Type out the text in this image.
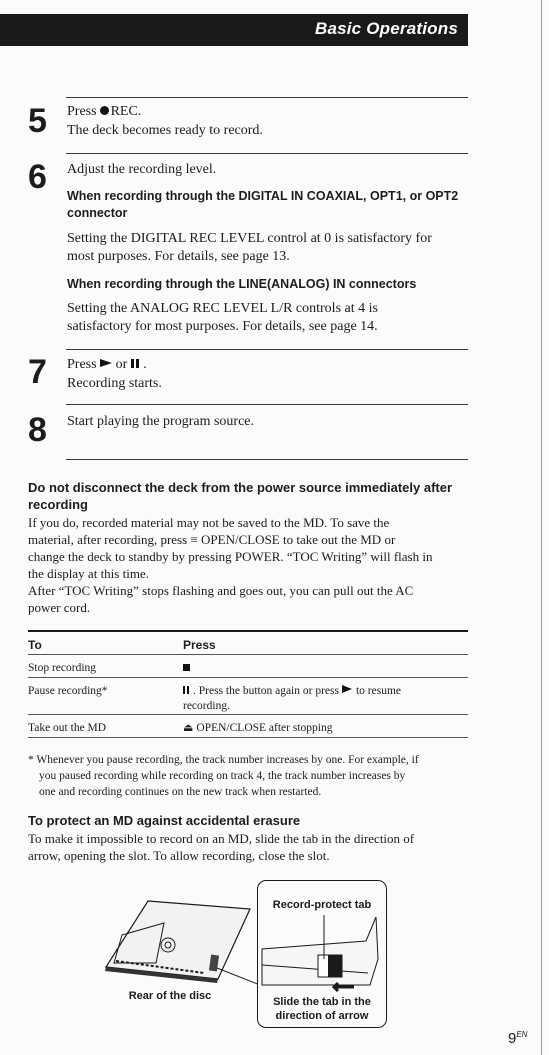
Basic Operations
5	Press REC.
The deck becomes ready to record.
6	Adjust the recording level.
When recording through the DIGITAL IN COAXIAL, OPT1, or OPT2
connector
Setting the DIGITAL REC LEVEL control at 0 is satisfactory for
most purposes. For details, see page 13.
When recording through the LINE(ANALOG) IN connectors
Setting the ANALOG REC LEVEL L/R controls at 4 is
satisfactory for most purposes. For details, see page 14.
7	Press or .
Recording starts.
8	Start playing the program source.
Do not disconnect the deck from the power source immediately after
recording
If you do, recorded material may not be saved to the MD. To save the
material, after recording, press ≡ OPEN/CLOSE to take out the MD or
change the deck to standby by pressing POWER. “TOC Writing” will flash in
the display at this time.
After “TOC Writing” stops flashing and goes out, you can pull out the AC
power cord.
To	Press
Stop recording
Pause recording*	. Press the button again or press to resume
recording.
Take out the MD	⏏ OPEN/CLOSE after stopping
* Whenever you pause recording, the track number increases by one. For example, if
you paused recording while recording on track 4, the track number increases by
one and recording continues on the new track when restarted.
To protect an MD against accidental erasure
To make it impossible to record on an MD, slide the tab in the direction of
arrow, opening the slot. To allow recording, close the slot.
Rear of the disc
Record-protect tab
Slide the tab in the
direction of arrow
$9^{EN}$
